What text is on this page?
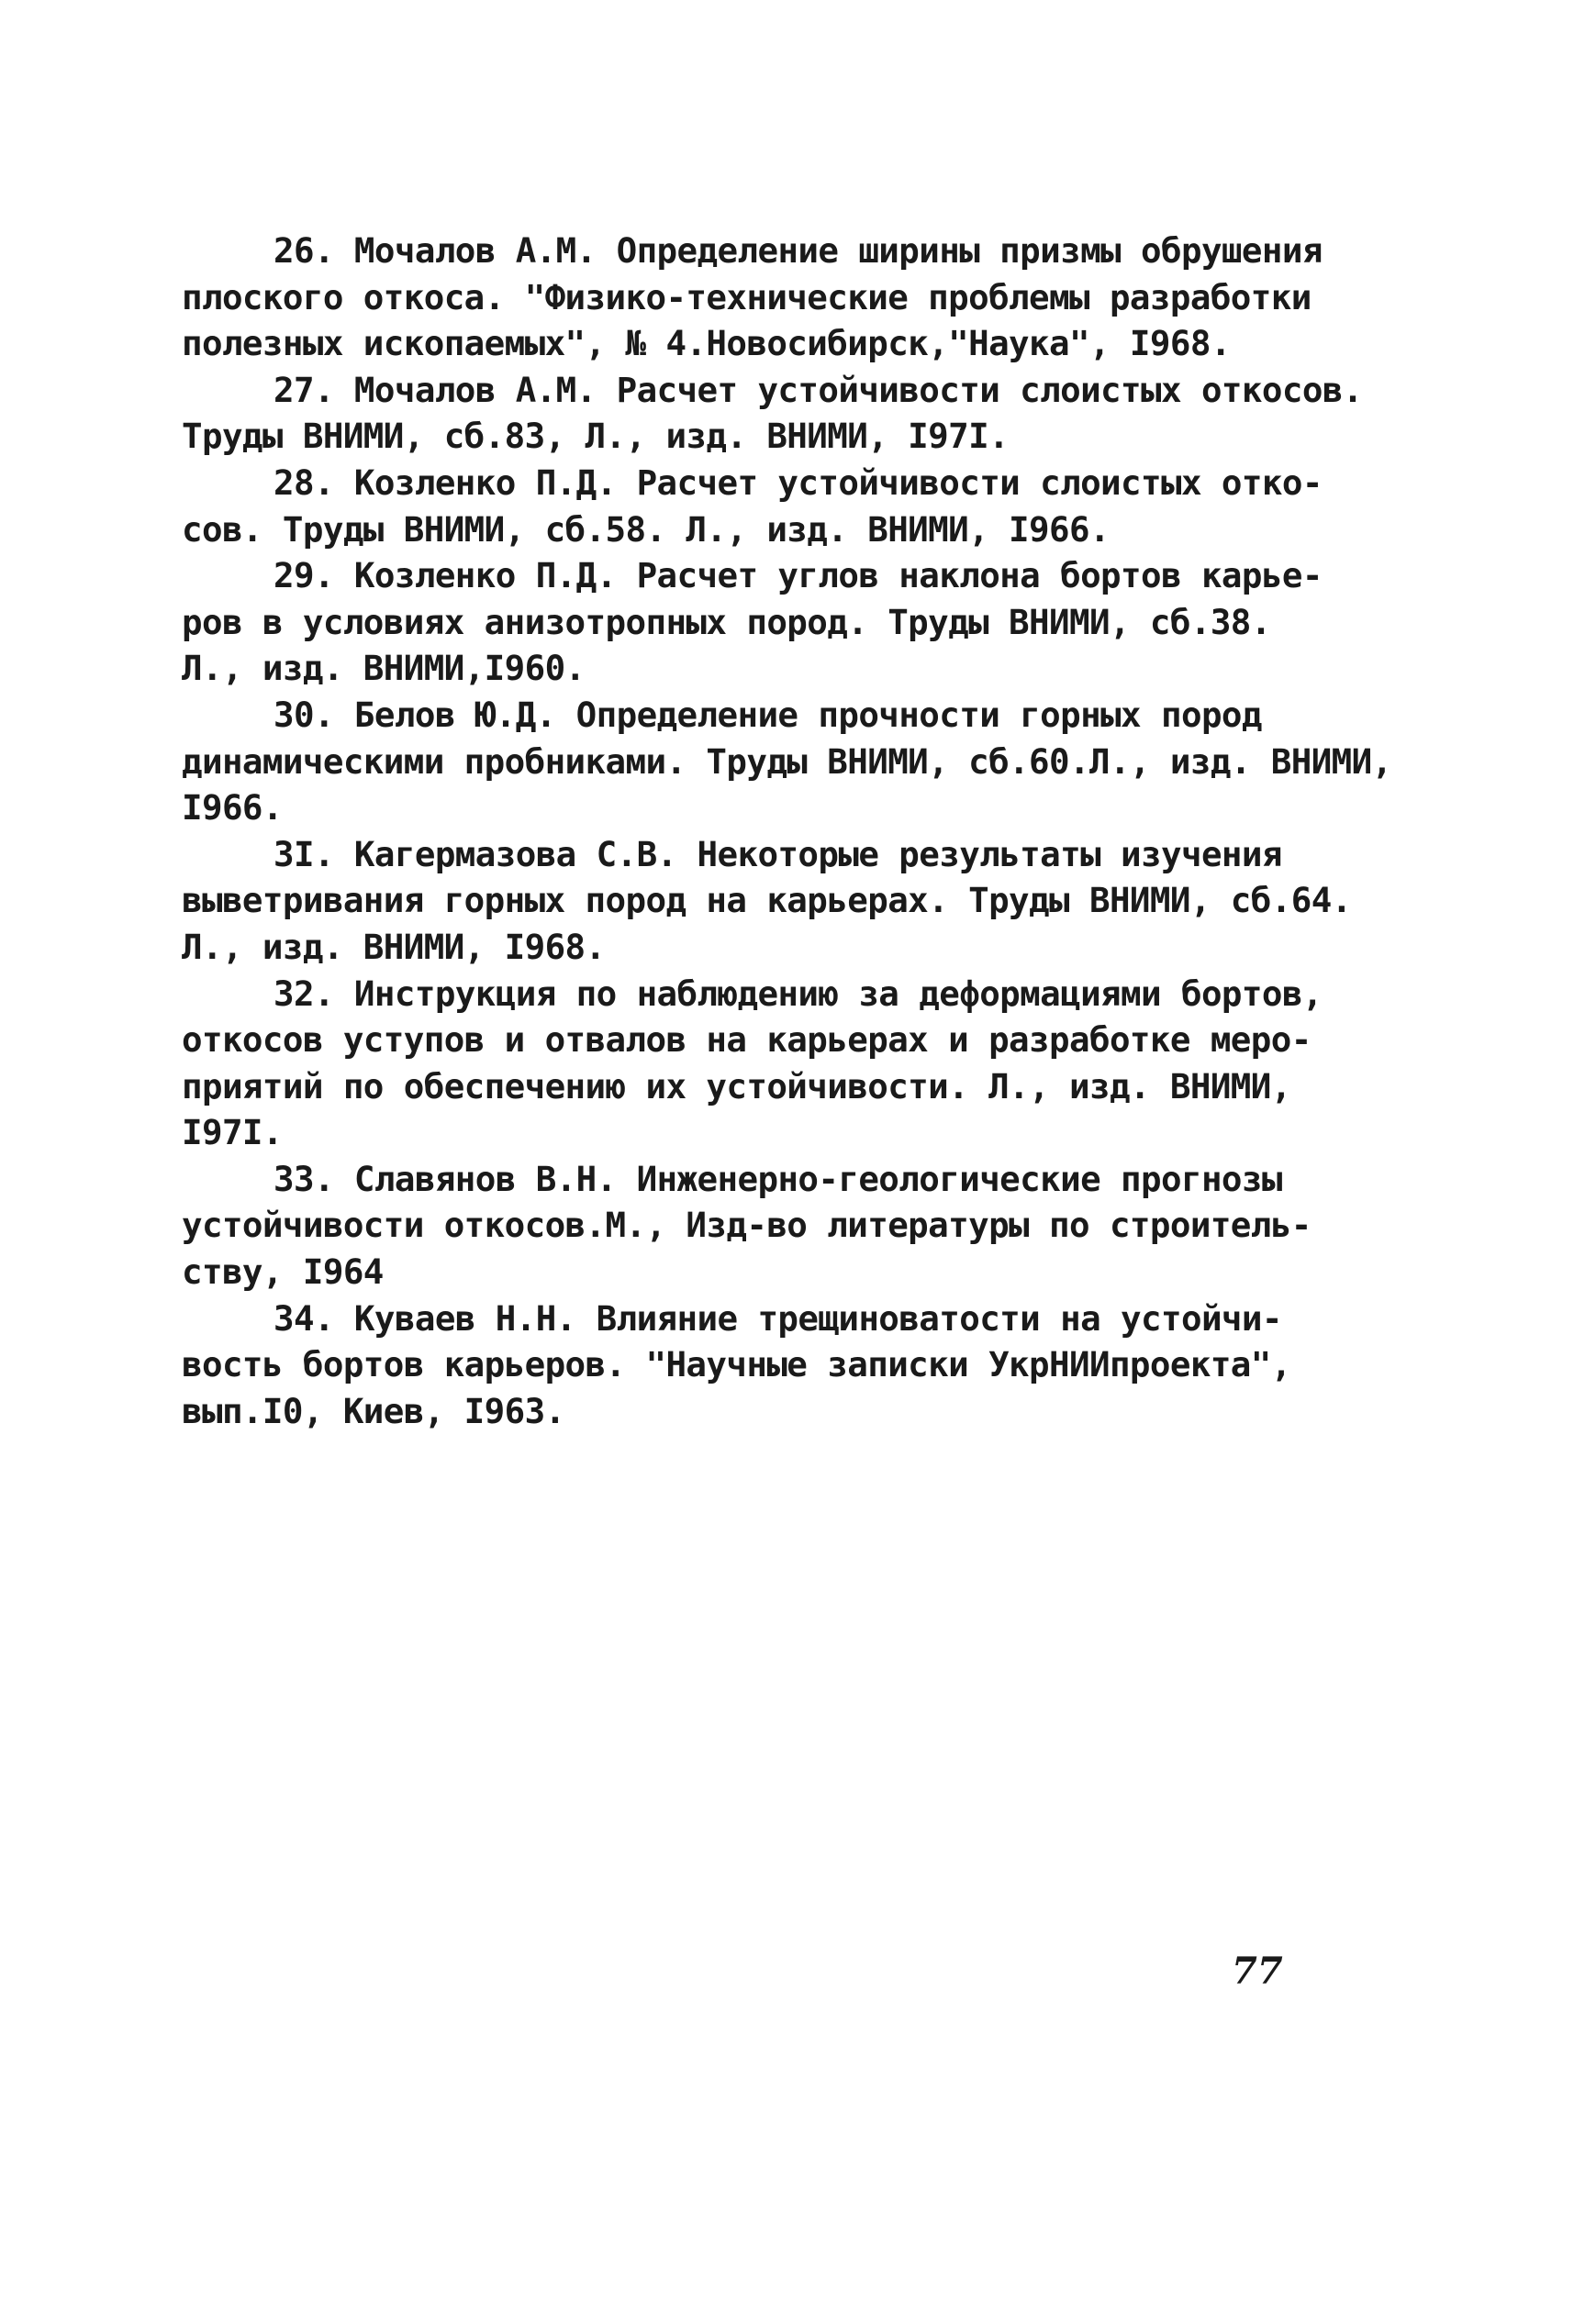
26. Мочалов А.М. Определение ширины призмы обрушения
плоского откоса. "Физико-технические проблемы разработки
полезных ископаемых", № 4.Новосибирск,"Наука", I968.
27. Мочалов А.М. Расчет устойчивости слоистых откосов.
Труды ВНИМИ, сб.83, Л., изд. ВНИМИ, I97I.
28. Козленко П.Д. Расчет устойчивости слоистых отко-
сов. Труды ВНИМИ, сб.58. Л., изд. ВНИМИ, I966.
29. Козленко П.Д. Расчет углов наклона бортов карье-
ров в условиях анизотропных пород. Труды ВНИМИ, сб.38.
Л., изд. ВНИМИ,I960.
30. Белов Ю.Д. Определение прочности горных пород
динамическими пробниками. Труды ВНИМИ, сб.60.Л., изд. ВНИМИ,
I966.
3I. Кагермазова С.В. Некоторые результаты изучения
выветривания горных пород на карьерах. Труды ВНИМИ, сб.64.
Л., изд. ВНИМИ, I968.
32. Инструкция по наблюдению за деформациями бортов,
откосов уступов и отвалов на карьерах и разработке меро-
приятий по обеспечению их устойчивости. Л., изд. ВНИМИ,
I97I.
33. Славянов В.Н. Инженерно-геологические прогнозы
устойчивости откосов.М., Изд-во литературы по строитель-
ству, I964
34. Куваев Н.Н. Влияние трещиноватости на устойчи-
вость бортов карьеров. "Научные записки УкрНИИпроекта",
вып.I0, Киев, I963.
77
